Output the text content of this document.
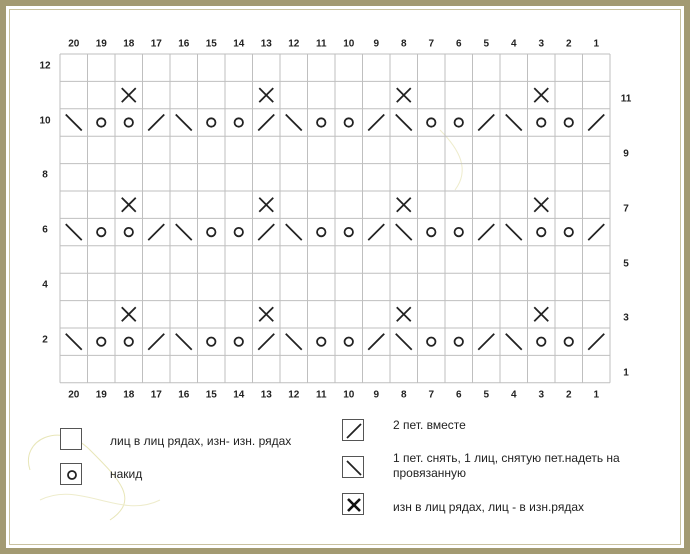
20 19 18 17 16 15 14 13 12 11 10 9 8 7 6 5 4 3 2 1
20 19 18 17 16 15 14 13 12 11 10 9 8 7 6 5 4 3 2 1
12
10
8
6
4
2
11
9
7
5
3
1
лиц в лиц рядах, изн- изн. рядах
накид
2 пет. вместе
1 пет. снять, 1 лиц, снятую пет.надеть на провязанную
изн в лиц рядах, лиц - в изн.рядах
